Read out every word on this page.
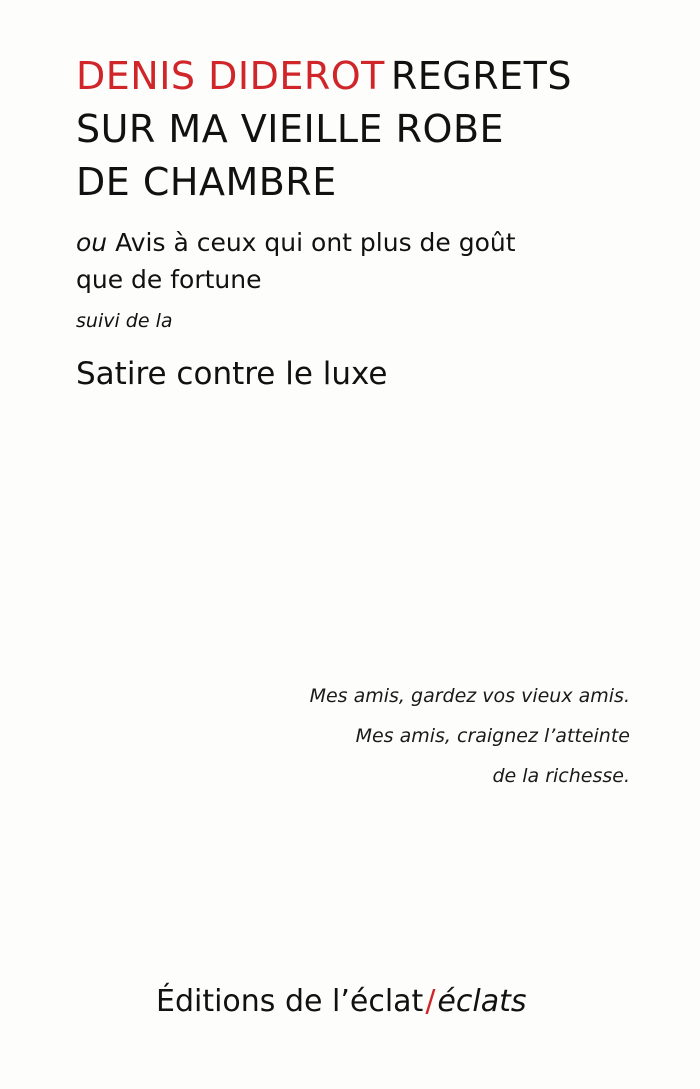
DENIS DIDEROT REGRETS
SUR MA VIEILLE ROBE
DE CHAMBRE
ou Avis à ceux qui ont plus de goût
que de fortune
suivi de la
Satire contre le luxe
Mes amis, gardez vos vieux amis.
Mes amis, craignez l’atteinte
de la richesse.
Éditions de l’éclat/éclats
